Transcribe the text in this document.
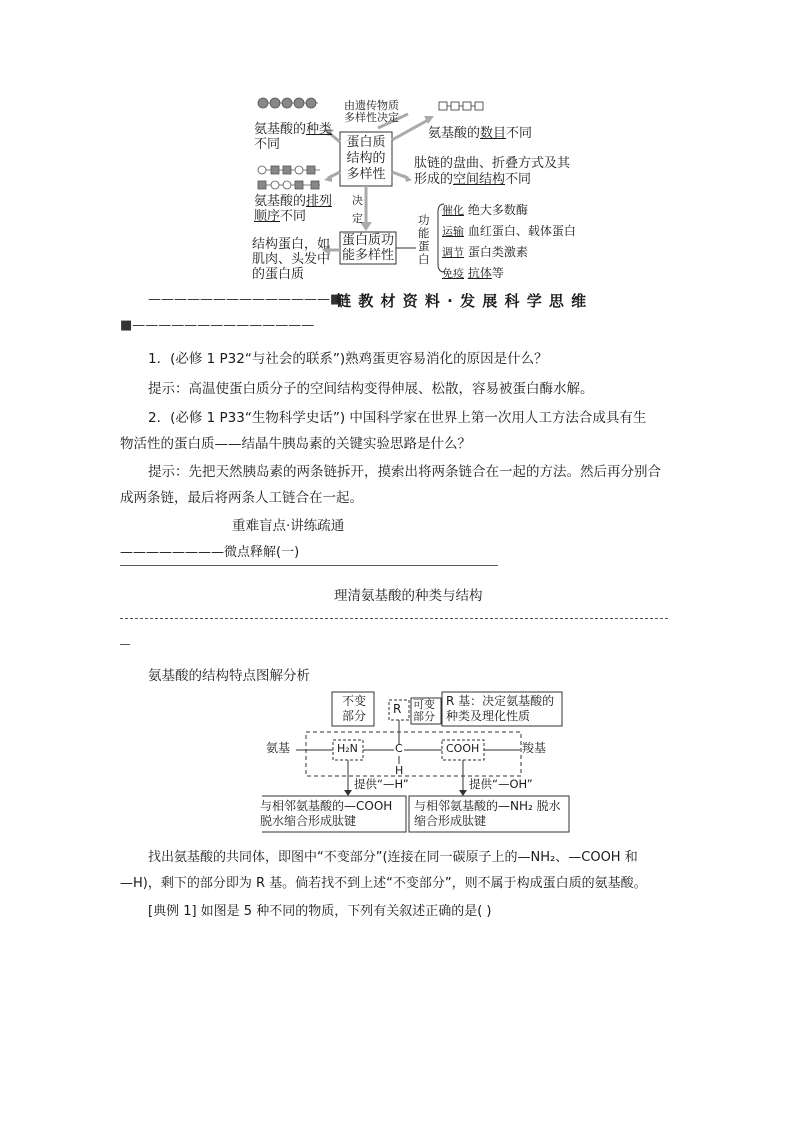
由遗传物质
多样性决定
蛋白质
结构的
多样性
氨基酸的种类
不同
氨基酸的排列
顺序不同
氨基酸的数目不同
肽链的盘曲、折叠方式及其
形成的空间结构不同
决
定
蛋白质功
能多样性
结构蛋白，如
肌肉、头发中
的蛋白质
功
能
蛋
白
催化 绝大多数酶
运输 血红蛋白、载体蛋白
调节 蛋白类激素
免疫 抗体等
——————————————■
链 教 材 资 料 · 发 展 科 学 思 维
■——————————————
1．(必修 1 P32“与社会的联系”)熟鸡蛋更容易消化的原因是什么？
提示：高温使蛋白质分子的空间结构变得伸展、松散，容易被蛋白酶水解。
2．(必修 1 P33“生物科学史话”) 中国科学家在世界上第一次用人工方法合成具有生
物活性的蛋白质——结晶牛胰岛素的关键实验思路是什么？
提示：先把天然胰岛素的两条链拆开，摸索出将两条链合在一起的方法。然后再分别合
成两条链，最后将两条人工链合在一起。
重难盲点·讲练疏通
————————微点释解(一)
理清氨基酸的种类与结构
氨基酸的结构特点图解分析
不变
部分	R 可变
部分
R 基：决定氨基酸的
种类及理化性质
氨基	H₂N	C
H
COOH	羧基
提供“—H”	提供“—OH”
与相邻氨基酸的—COOH
脱水缩合形成肽键
与相邻氨基酸的—NH₂ 脱水
缩合形成肽键
找出氨基酸的共同体，即图中“不变部分”(连接在同一碳原子上的—NH₂、—COOH 和
—H)，剩下的部分即为 R 基。倘若找不到上述“不变部分”，则不属于构成蛋白质的氨基酸。
[典例 1] 如图是 5 种不同的物质，下列有关叙述正确的是( )
